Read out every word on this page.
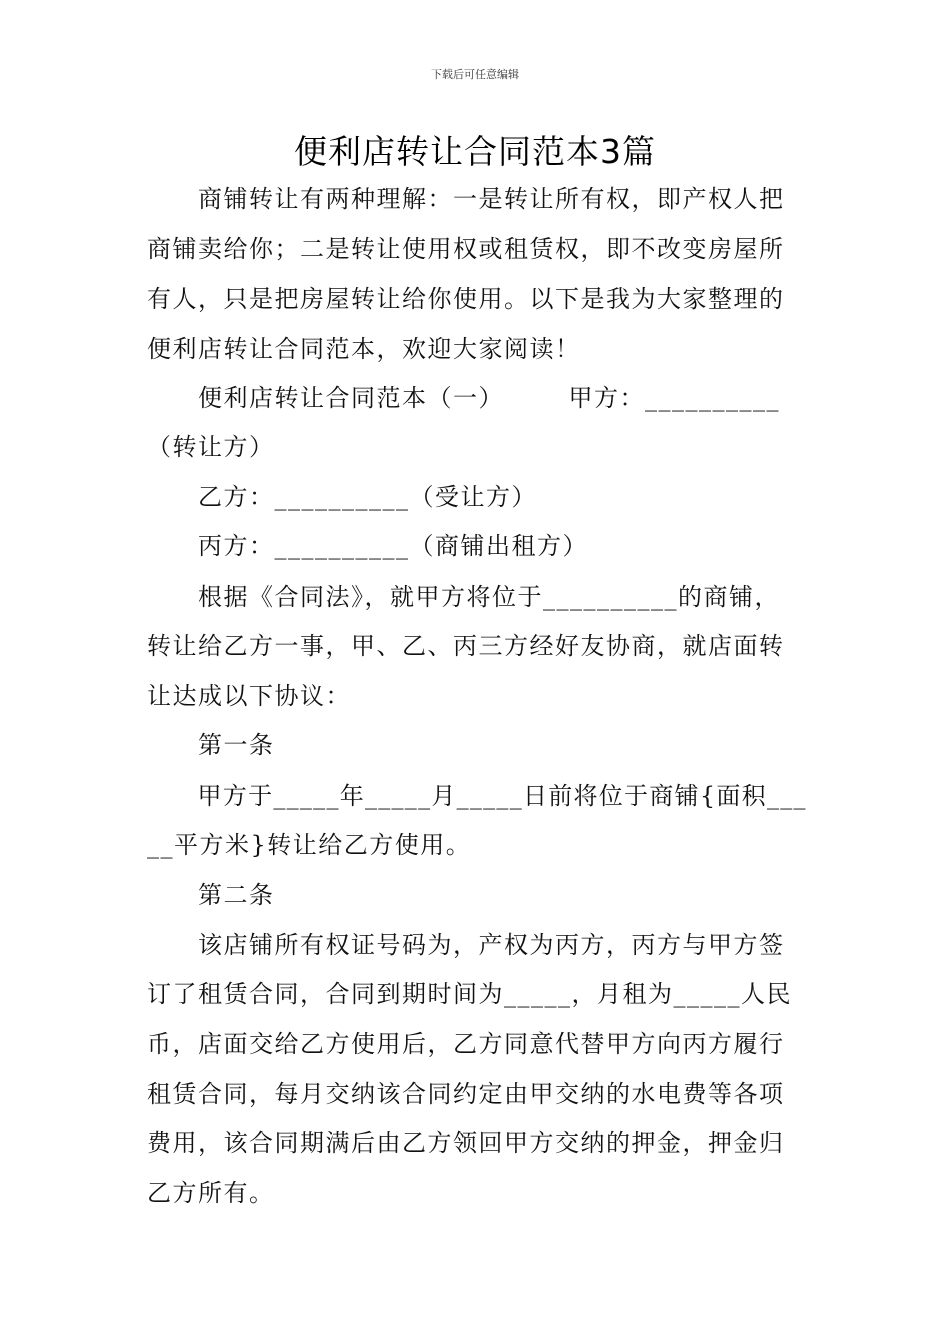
下载后可任意编辑
便利店转让合同范本3篇
　　商铺转让有两种理解：一是转让所有权，即产权人把
商铺卖给你；二是转让使用权或租赁权，即不改变房屋所
有人，只是把房屋转让给你使用。以下是我为大家整理的
便利店转让合同范本，欢迎大家阅读！
　　便利店转让合同范本（一）　　　甲方：__________
（转让方）
　　乙方：__________（受让方）
　　丙方：__________（商铺出租方）
　　根据《合同法》，就甲方将位于__________的商铺，
转让给乙方一事，甲、乙、丙三方经好友协商，就店面转
让达成以下协议：
　　第一条
　　甲方于_____年_____月_____日前将位于商铺{面积___
__平方米}转让给乙方使用。
　　第二条
　　该店铺所有权证号码为，产权为丙方，丙方与甲方签
订了租赁合同，合同到期时间为_____，月租为_____人民
币，店面交给乙方使用后，乙方同意代替甲方向丙方履行
租赁合同，每月交纳该合同约定由甲交纳的水电费等各项
费用，该合同期满后由乙方领回甲方交纳的押金，押金归
乙方所有。
